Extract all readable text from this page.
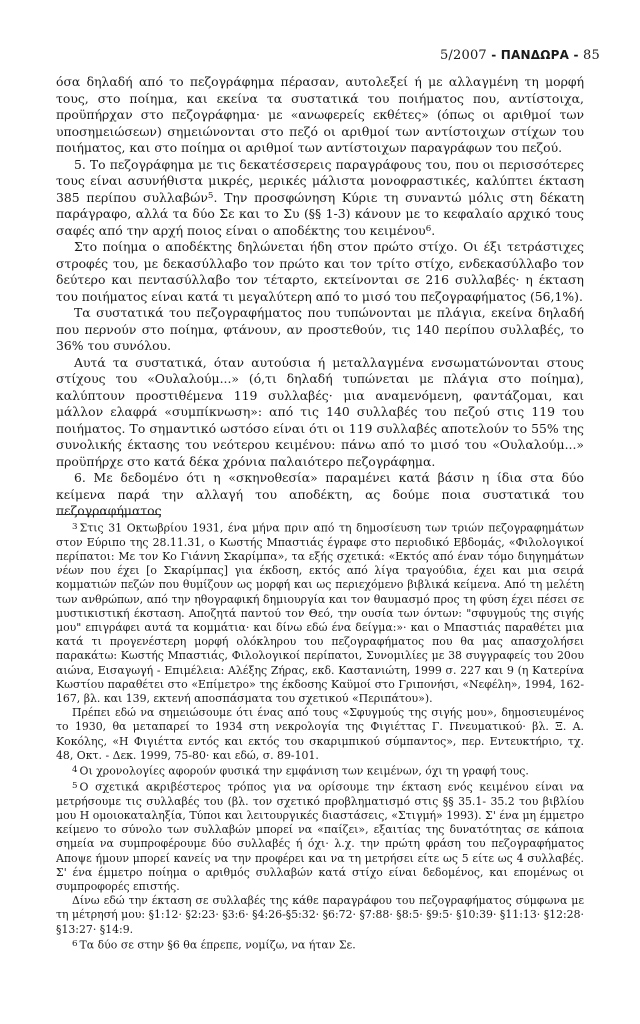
5/2007 - ΠΑΝΔΩΡΑ - 85

όσα δηλαδή από το πεζογράφημα πέρασαν, αυτολεξεί ή με αλλαγμένη τη μορφή τους, στο ποίημα, και εκείνα τα συστατικά του ποιήματος που, αντίστοιχα, προϋπήρχαν στο πεζογράφημα· με «ανωφερείς εκθέτες» (όπως οι αριθμοί των υποσημειώσεων) σημειώνονται στο πεζό οι αριθμοί των αντίστοιχων στίχων του ποιήματος, και στο ποίημα οι αριθμοί των αντίστοιχων παραγράφων του πεζού.

5. Το πεζογράφημα με τις δεκατέσσερεις παραγράφους του, που οι περισσότερες τους είναι ασυνήθιστα μικρές, μερικές μάλιστα μονοφραστικές, καλύπτει έκταση 385 περίπου συλλαβών$^5$. Την προσφώνηση Κύριε τη συναντώ μόλις στη δέκατη παράγραφο, αλλά τα δύο Σε και το Συ (§§ 1-3) κάνουν με το κεφαλαίο αρχικό τους σαφές από την αρχή ποιος είναι ο αποδέκτης του κειμένου$^6$.

Στο ποίημα ο αποδέκτης δηλώνεται ήδη στον πρώτο στίχο. Οι έξι τετράστιχες στροφές του, με δεκασύλλαβο τον πρώτο και τον τρίτο στίχο, ενδεκασύλλαβο τον δεύτερο και πεντασύλλαβο τον τέταρτο, εκτείνονται σε 216 συλλαβές· η έκταση του ποιήματος είναι κατά τι μεγαλύτερη από το μισό του πεζογραφήματος (56,1%).

Τα συστατικά του πεζογραφήματος που τυπώνονται με πλάγια, εκείνα δηλαδή που περνούν στο ποίημα, φτάνουν, αν προστεθούν, τις 140 περίπου συλλαβές, το 36% του συνόλου.

Αυτά τα συστατικά, όταν αυτούσια ή μεταλλαγμένα ενσωματώνονται στους στίχους του «Ουλαλούμ...» (ό,τι δηλαδή τυπώνεται με πλάγια στο ποίημα), καλύπτουν προστιθέμενα 119 συλλαβές· μια αναμενόμενη, φαντάζομαι, και μάλλον ελαφρά «συμπίκνωση»: από τις 140 συλλαβές του πεζού στις 119 του ποιήματος. Το σημαντικό ωστόσο είναι ότι οι 119 συλλαβές αποτελούν το 55% της συνολικής έκτασης του νεότερου κειμένου: πάνω από το μισό του «Ουλαλούμ...» προϋπήρχε στο κατά δέκα χρόνια παλαιότερο πεζογράφημα.

6. Με δεδομένο ότι η «σκηνοθεσία» παραμένει κατά βάσιν η ίδια στα δύο κείμενα παρά την αλλαγή του αποδέκτη, ας δούμε ποια συστατικά του πεζογραφήματος

$^3$ Στις 31 Οκτωβρίου 1931, ένα μήνα πριν από τη δημοσίευση των τριών πεζογραφημάτων στον Εύριπο της 28.11.31, ο Κωστής Μπαστιάς έγραφε στο περιοδικό Εβδομάς, «Φιλολογικοί περίπατοι: Με τον Κο Γιάννη Σκαρίμπα», τα εξής σχετικά: «Εκτός από έναν τόμο διηγημάτων νέων που έχει [ο Σκαρίμπας] για έκδοση, εκτός από λίγα τραγούδια, έχει και μια σειρά κομματιών πεζών που θυμίζουν ως μορφή και ως περιεχόμενο βιβλικά κείμενα. Από τη μελέτη των ανθρώπων, από την ηθογραφική δημιουργία και τον θαυμασμό προς τη φύση έχει πέσει σε μυστικιστική έκσταση. Αποζητά παντού τον Θεό, την ουσία των όντων: "σφυγμούς της σιγής μου" επιγράφει αυτά τα κομμάτια· και δίνω εδώ ένα δείγμα:»· και ο Μπαστιάς παραθέτει μια κατά τι προγενέστερη μορφή ολόκληρου του πεζογραφήματος που θα μας απασχολήσει παρακάτω: Κωστής Μπαστιάς, Φιλολογικοί περίπατοι, Συνομιλίες με 38 συγγραφείς του 20ου αιώνα, Εισαγωγή - Επιμέλεια: Αλέξης Ζήρας, εκδ. Καστανιώτη, 1999 σ. 227 και 9 (η Κατερίνα Κωστίου παραθέτει στο «Επίμετρο» της έκδοσης Καϋμοί στο Γριπονήσι, «Νεφέλη», 1994, 162-167, βλ. και 139, εκτενή αποσπάσματα του σχετικού «Περιπάτου»).

Πρέπει εδώ να σημειώσουμε ότι ένας από τους «Σφυγμούς της σιγής μου», δημοσιευμένος το 1930, θα μεταπαρεί το 1934 στη νεκρολογία της Φιγιέττας Γ. Πνευματικού· βλ. Ξ. Α. Κοκόλης, «Η Φιγιέττα εντός και εκτός του σκαριμπικού σύμπαντος», περ. Εντευκτήριο, τχ. 48, Οκτ. - Δεκ. 1999, 75-80· και εδώ, σ. 89-101.

$^4$ Οι χρονολογίες αφορούν φυσικά την εμφάνιση των κειμένων, όχι τη γραφή τους.

$^5$ Ο σχετικά ακριβέστερος τρόπος για να ορίσουμε την έκταση ενός κειμένου είναι να μετρήσουμε τις συλλαβές του (βλ. τον σχετικό προβληματισμό στις §§ 35.1- 35.2 του βιβλίου μου Η ομοιοκαταληξία, Τύποι και λειτουργικές διαστάσεις, «Στιγμή» 1993). Σ' ένα μη έμμετρο κείμενο το σύνολο των συλλαβών μπορεί να «παίζει», εξαιτίας της δυνατότητας σε κάποια σημεία να συμπροφέρουμε δύο συλλαβές ή όχι· λ.χ. την πρώτη φράση του πεζογραφήματος Αποψε ήμουν μπορεί κανείς να την προφέρει και να τη μετρήσει είτε ως 5 είτε ως 4 συλλαβές. Σ' ένα έμμετρο ποίημα ο αριθμός συλλαβών κατά στίχο είναι δεδομένος, και επομένως οι συμπροφορές επιστής.

Δίνω εδώ την έκταση σε συλλαβές της κάθε παραγράφου του πεζογραφήματος σύμφωνα με τη μέτρησή μου: §1:12· §2:23· §3:6· §4:26-§5:32· §6:72· §7:88· §8:5· §9:5· §10:39· §11:13· §12:28· §13:27· §14:9.

$^6$ Τα δύο σε στην §6 θα έπρεπε, νομίζω, να ήταν Σε.
